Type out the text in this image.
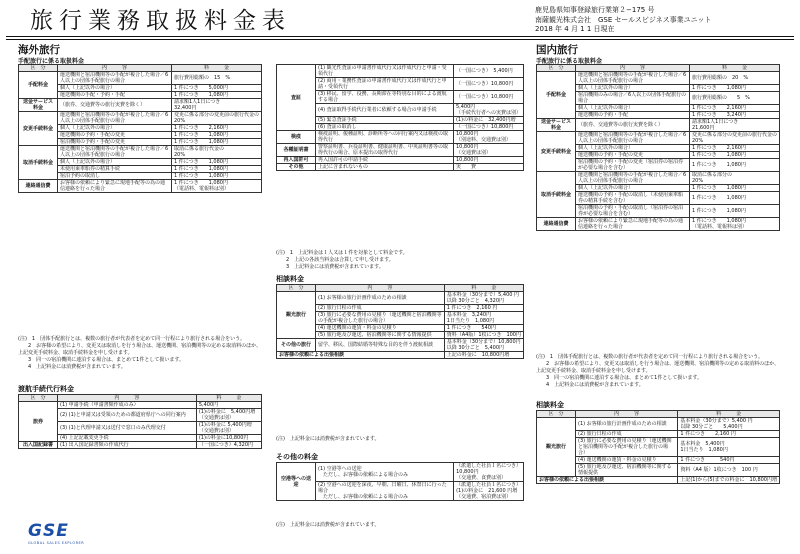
旅行業務取扱料金表	鹿児島県知事登録旅行業第２−175 号
南薩観光株式会社　GSE セールスビジネス事業ユニット
2018 年 4 月 1 1 日現在
海外旅行
手配旅行に係る取扱料金
区　分	内　　　容	料　　　金
手配料金	運送機関と宿泊機関等の手配が複合した場合／6人以上の団体手配旅行の場合	旅行費用総額の　15　%
	個人（上記以外の場合）	1 件につき　　5,000円
	運送機関の手配・予約・手配	1 件につき　　1,080円
送金サービス料金	（旅券、交通費等の旅行実費を除く）	請求額1人1日につき
32,400円
変更手続料金	運送機関と宿泊機関等の手配が複合した場合／6人以上の団体手配旅行の場合	変更に係る部分の変更前の旅行代金の
20%
	個人（上記以外の場合）	1 件につき　　2,160円
	運送機関の予約・手配の変更	1 件につき　　1,080円
	宿泊機関の予約・手配の変更	1 件につき　　1,080円
取消手続料金	運送機関と宿泊機関等の手配が複合した場合／6人以上の団体手配旅行の場合	取消に係る旅行代金の
20%
	個人（上記以外の場合）	1 件につき　　1,080円
	未使用乗車船券の精算手続	1 件につき　　1,080円
	宿泊予約の取消し	1 件につき　　1,080円
連絡通信費	お客様の依頼により緊急に現地手配等の為の通信連絡を行った場合	1 件につき　　1,080円
（電話料、電報料は別）
(注)　1　団体手配旅行とは、複数の旅行者が代表者を定めて同一行程により旅行される場合をいう。
　　2　お客様の希望により、変更又は取消しを行う場合は、運送機関、宿泊機関等の定める取消料のほか、上記変更手続料金、取消手続料金を申し受けます。
　　3　同一の宿泊機関に連泊する場合は、まとめて1件として扱います。
　　4　上記料金には消費税が含まれています。
渡航手続代行料金
区　分	内　　　容	料　　　金
旅券	(1) 申請手続（申請書類作成のみ）	5,400円
	(2) (1)と申請又は受領のための都道府県庁への同行案内	(1)の料金に　5,400円増
（交通費は別）
	(3) (1)と代理申請又は送付で窓口のみ代理交付	(1)の料金に 5,400円増
（交通費は別）
	(4) 上記記載変更手続	(1)の料金に10,800円
出入国記録書	(1) 出入国記録書類の作成代行	（一国につき）4,320円
GSE
GLOBAL SALES EXPLORER
査証	(1) 観光性査証の申請書作成代行又は作成代行と申請・受領代行	（一国につき）　5,400円
	(2) 商用・業務性査証の申請書作成代行又は作成代行と申請・受領代行	（一国につき）10,800円
	(3) 移民、留学、役務、長期滞在等特別な目的による渡航する場合	（一国につき）10,800円
	(4) 査証取得手続代行業者に依頼する場合の申請手続	5,400円
（手続代行者への実費は別）
	(5) 緊急査証手続	(1)の料金に　32,400円増
	(6) 査証の取消し	（一国につき）10,800円
検疫	検疫証明、俊種証明、診断所等への同行案内又は検疫の取得代行	10,800円
（別途料、交通費は別）
各種証明書	警察証明書、兵役証明書、健康証明書、中英証明書等の取得代行の場合、原本提出の取得代行	10,800円
（交通費は別）
再入国許可	再入国許可の申請手続	10,800円
その他	上記に含まれないもの	実　　費
(注)　1　上記料金は１人又は１件を対象として料金です。
　　2　上記の各該当料金は合算して申し受けます。
　　3　上記料金には消費税が含まれています。
相談料金
区　分	内　　　容	料　　　金
観光旅行	(1) お客様の旅行計画作成のための相談	基本料金（30分まで）5,400 円
以降 30分ごと　4,320円
	(2) 旅行日程の作成	1 件につき　2,160 円
	(3) 旅行に必要な費用の見積り（運送機関と宿泊機関等の手配が複合した旅行の場合）	基本料金　3,240円
1日当たり　1,080円
	(4) 運送機関の運賃・料金の見積り	1 件につき　　540円
	(5) 旅行地及び運送、宿泊機関等に関する情報提供	資料（A4版）1枚につき　100円
その他の旅行	留学、移民、国際結婚等特殊な目的を伴う渡航相談	基本料金（30分まで）10,800円
以降 30分ごと　5,400円
お客様の依頼による出張相談		上記の料金に　10,800円増
(注)　上記料金には消費税が含まれています。
その他の料金
空港等への送迎	(1) 空港等への送迎
　ただし、お客様の依頼による場合のみ	（派遣した社員１名につき）
10,800円
（交通費、食費は別）
	(2) 空港への送迎を深夜、早朝、日曜日、休祭日に行った場合
　ただし、お客様の依頼による場合のみ	（派遣した社員１名につき）
(1)の料金に　21,600 円増
（交通費、宿泊費は別）
(注)　上記料金には消費税が含まれています。
国内旅行
手配旅行に係る取扱料金
区　分	内　　　容	料　　　金
手配料金	運送機関と宿泊機関等の手配が複合した場合／6人以上の団体手配旅行の場合	旅行費用総額の　20　%
	個人（上記以外の場合）	1 件につき　　1,080円
	宿泊機関のみの場合／6人以上の団体手配旅行の場合	旅行費用総額の　　5　%
	個人（上記以外の場合）	1 件につき　　2,160円
	運送機関の予約・手配	1 件につき　　3,240円
送金サービス料金	（旅券、交通費等の旅行実費を除く）	請求額1人1日につき
21,600円
変更手続料金	運送機関と宿泊機関等の手配が複合した場合／6人以上の団体手配旅行の場合	変更に係る部分の変更前の旅行代金の
20%
	個人（上記以外の場合）	1 件につき　　2,160円
	運送機関の予約・手配の変更	1 件につき　　1,080円
	宿泊機関の予約・手配の変更（宿泊券の宿泊券が必要な場合を含む）	1 件につき　　1,080円
取消手続料金	運送機関と宿泊機関等の手配が複合した場合／6人以上の団体手配旅行の場合	取消に係る部分の
20%
	個人（上記以外の場合）	1 件につき　　1,080円
	運送機関の予約・手配の取消し（未使用乗車船券の精算手続を含む）	1 件につき　　1,080円
	宿泊機関の予約・手配の取消し（宿泊券の宿泊券が必要な場合を含む）	1 件につき　　1,080円
連絡通信費	お客様の依頼により緊急に現地手配等の為の通信連絡を行った場合	1 件につき　　1,080円
（電話料、電報料は別）
(注)　1　団体手配旅行とは、複数の旅行者が代表者を定めて同一行程により旅行される場合をいう。
　　2　お客様の希望により、変更又は取消しを行う場合は、運送機関、宿泊機関等の定める取消料のほか、上記変更手続料金、取消手続料金を申し受けます。
　　3　同一の宿泊機関に連泊する場合は、まとめて1件として扱います。
　　4　上記料金には消費税が含まれています。
相談料金
区　分	内　　　容	料　　　金
観光旅行	(1) お客様の旅行計画作成のための相談	基本料金（30分まで）5,400 円
以降 30分ごと　　5,400円
	(2) 旅行日程の作成	1 件につき　　2,160 円
	(3) 旅行に必要な費用の見積り（運送機関と宿泊機関等の手配が複合した旅行の場合）	基本料金　5,400円
1日当たり　1,080円
	(4) 運送機関の運賃・料金の見積り	1 件につき　　　540円
	(5) 旅行地及び運送、宿泊機関等に関する情報提供	資料（A4 版）1枚につき　100 円
お客様の依頼による出張相談		上記(1)から(5)までの料金に　10,800円増
